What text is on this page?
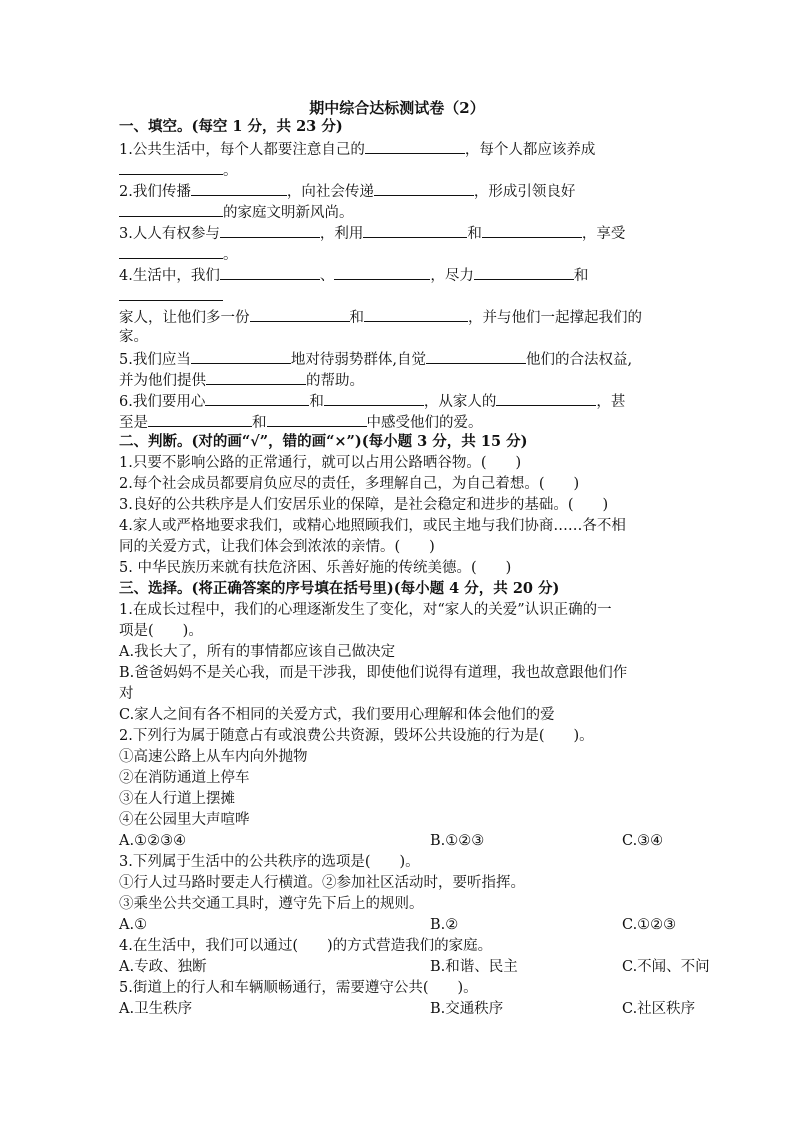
期中综合达标测试卷（2）
一、填空。(每空 1 分，共 23 分)
1.公共生活中，每个人都要注意自己的	，每个人都应该养成
。
2.我们传播	，向社会传递	，形成引领良好
的家庭文明新风尚。
3.人人有权参与	，利用	和	，享受
。
4.生活中，我们	、	，尽力	和
家人，让他们多一份	和	，并与他们一起撑起我们的
家。
5.我们应当	地对待弱势群体,自觉	他们的合法权益,
并为他们提供	的帮助。
6.我们要用心	和	，从家人的	，甚
至是	和	中感受他们的爱。
二、判断。(对的画“√”，错的画“×”)(每小题 3 分，共 15 分)
1.只要不影响公路的正常通行，就可以占用公路晒谷物。(　　)
2.每个社会成员都要肩负应尽的责任，多理解自己，为自己着想。(　　)
3.良好的公共秩序是人们安居乐业的保障，是社会稳定和进步的基础。(　　)
4.家人或严格地要求我们，或精心地照顾我们，或民主地与我们协商……各不相
同的关爱方式，让我们体会到浓浓的亲情。(　　)
5. 中华民族历来就有扶危济困、乐善好施的传统美德。(　　)
三、选择。(将正确答案的序号填在括号里)(每小题 4 分，共 20 分)
1.在成长过程中，我们的心理逐渐发生了变化，对“家人的关爱”认识正确的一
项是(　　)。
A.我长大了，所有的事情都应该自己做决定
B.爸爸妈妈不是关心我，而是干涉我，即使他们说得有道理，我也故意跟他们作
对
C.家人之间有各不相同的关爱方式，我们要用心理解和体会他们的爱
2.下列行为属于随意占有或浪费公共资源，毁坏公共设施的行为是(　　)。
①高速公路上从车内向外抛物
②在消防通道上停车
③在人行道上摆摊
④在公园里大声喧哗
A.①②③④	B.①②③	C.③④
3.下列属于生活中的公共秩序的选项是(　　)。
①行人过马路时要走人行横道。②参加社区活动时，要听指挥。
③乘坐公共交通工具时，遵守先下后上的规则。
A.①	B.②	C.①②③
4.在生活中，我们可以通过(　　)的方式营造我们的家庭。
A.专政、独断	B.和谐、民主	C.不闻、不问
5.街道上的行人和车辆顺畅通行，需要遵守公共(　　)。
A.卫生秩序	B.交通秩序	C.社区秩序
